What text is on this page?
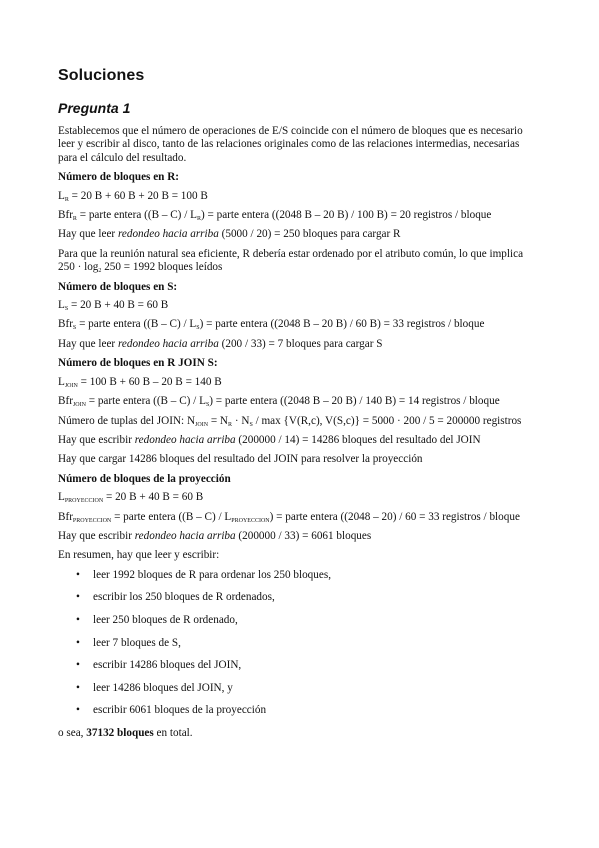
Soluciones
Pregunta 1

Establecemos que el número de operaciones de E/S coincide con el número de bloques que es necesario leer y escribir al disco, tanto de las relaciones originales como de las relaciones intermedias, necesarias para el cálculo del resultado.

Número de bloques en R:

$L_R = 20$ B + 60 B + 20 B = 100 B

Bfr$_R$ = parte entera $((B - C) / L_R)$ = parte entera ((2048 B – 20 B) / 100 B) = 20 registros / bloque

Hay que leer redondeo hacia arriba (5000 / 20) = 250 bloques para cargar R

Para que la reunión natural sea eficiente, R debería estar ordenado por el atributo común, lo que implica $250 \cdot \log_2 250 = 1992$ bloques leídos

Número de bloques en S:

$L_S = 20$ B + 40 B = 60 B

Bfr$_S$ = parte entera $((B - C) / L_S)$ = parte entera ((2048 B – 20 B) / 60 B) = 33 registros / bloque

Hay que leer redondeo hacia arriba (200 / 33) = 7 bloques para cargar S

Número de bloques en R JOIN S:

$L_{JOIN} = 100$ B + 60 B – 20 B = 140 B

Bfr$_{JOIN}$ = parte entera $((B - C) / L_S)$ = parte entera ((2048 B – 20 B) / 140 B) = 14 registros / bloque

Número de tuplas del JOIN: $N_{JOIN} = N_R \cdot N_S / \max \{V(R,c)$, V(S,c)} = 5000 · 200 / 5 = 200000 registros

Hay que escribir redondeo hacia arriba (200000 / 14) = 14286 bloques del resultado del JOIN

Hay que cargar 14286 bloques del resultado del JOIN para resolver la proyección

Número de bloques de la proyección

$L_{PROYECCION} = 20$ B + 40 B = 60 B

Bfr$_{PROYECCION}$ = parte entera $((B - C) / L_{PROYECCION})$ = parte entera ((2048 – 20) / 60 = 33 registros / bloque

Hay que escribir redondeo hacia arriba (200000 / 33) = 6061 bloques

En resumen, hay que leer y escribir:

• leer 1992 bloques de R para ordenar los 250 bloques,
• escribir los 250 bloques de R ordenados,
• leer 250 bloques de R ordenado,
• leer 7 bloques de S,
• escribir 14286 bloques del JOIN,
• leer 14286 bloques del JOIN, y
• escribir 6061 bloques de la proyección

o sea, 37132 bloques en total.
